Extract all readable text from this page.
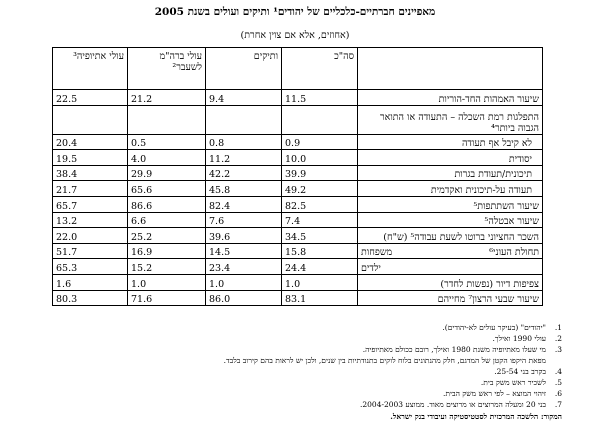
מאפיינים חברתיים-כלכליים של יהודים¹ ותיקים ועולים בשנת 2005
(אחוזים, אלא אם צוין אחרת)
	סה"כ	ותיקים	עולי ברה"מ לשעבר²	עולי אתיופיה³
שיעור האמהות החד-הוריות	11.5	9.4	21.2	22.5
התפלגות רמת השכלה – התעודה או התואר הגבוה ביותר⁴				
לא קיבל אף תעודה	0.9	0.8	0.5	20.4
יסודית	10.0	11.2	4.0	19.5
תיכונית/תעודת בגרות	39.9	42.2	29.9	38.4
תעודה על-תיכונית ואקדמית	49.2	45.8	65.6	21.7
שיעור השתתפות⁵	82.5	82.4	86.6	65.7
שיעור אבטלה⁵	7.4	7.6	6.6	13.2
השכר החציוני ברוטו לשעת עבודה⁵ (ש"ח)	34.5	39.6	25.2	22.0

תחולת העוני⁶
משפחות	15.8	14.5	16.9	51.7

ילדים	24.4	23.4	15.2	65.3
צפיפות דיור (נפשות לחדר)	1.0	1.0	1.0	1.6
שיעור שבעי הרצון⁷ מחייהם	83.1	86.0	71.6	80.3
1."יהודים" (בעיקר עולים לא-יהודים).
2.עולי 1990 ואילך.
3.מי שעלו מאתיופיה משנת 1980 ואילך, רובם ככולם מאתיופיה.
מפאת היקפו הקטן של המדגם, חלק מהנתונים בלוח לוקים בתנודתיות בין שנים, ולכן יש לראות בהם קירוב בלבד.
4.בקרב בני 25-54.
5.לשכיר ראש משק בית.
6.זיהוי המוצא – לפי ראש משק הבית.
7.בני 20 ומעלה המרוצים או מרוצים מאוד. ממוצע 2004-2003.
המקור: הלשכה המרכזית לסטטיסטיקה ועיבודי בנק ישראל.
